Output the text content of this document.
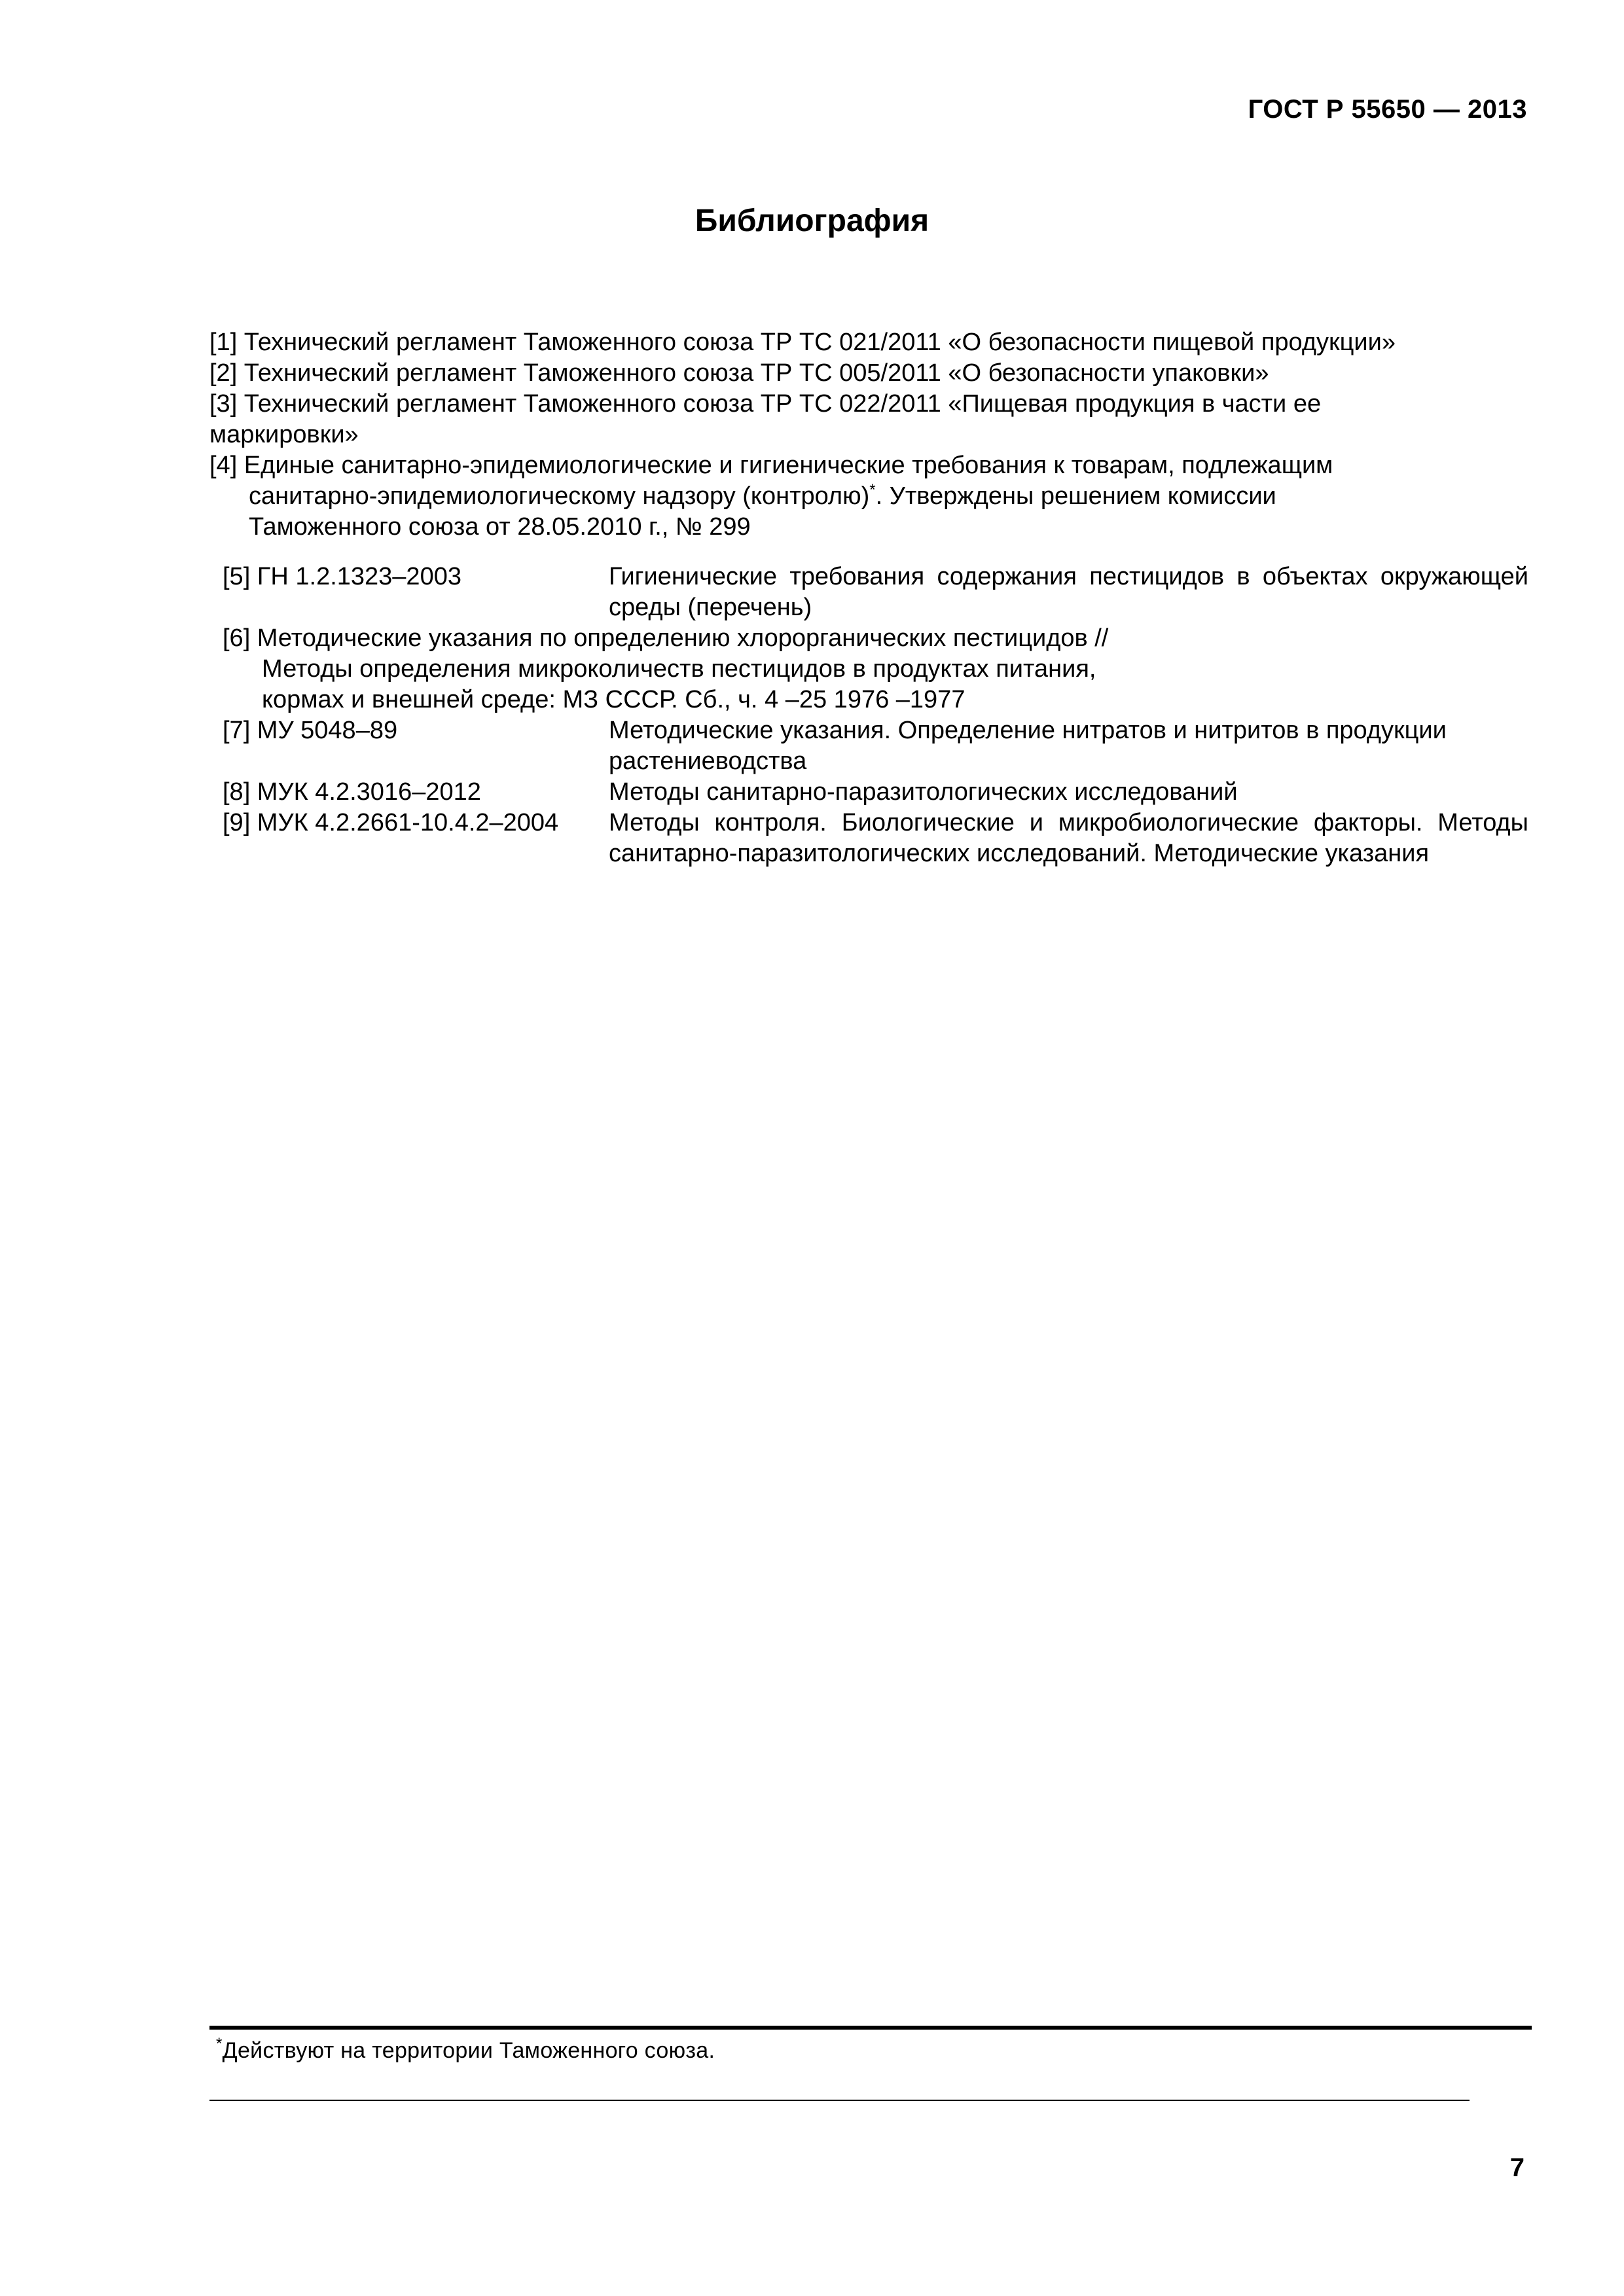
ГОСТ Р 55650 — 2013
Библиография
[1] Технический регламент Таможенного союза ТР ТС 021/2011 «О безопасности пищевой продукции»
[2] Технический регламент Таможенного союза ТР ТС 005/2011 «О безопасности упаковки»
[3] Технический регламент Таможенного союза ТР ТС 022/2011 «Пищевая продукция в части ее
маркировки»
[4] Единые санитарно-эпидемиологические и гигиенические требования к товарам, подлежащим
санитарно-эпидемиологическому надзору (контролю)*. Утверждены решением комиссии
Таможенного союза от 28.05.2010 г., № 299
[5] ГН 1.2.1323–2003	Гигиенические требования содержания пестицидов в объектах окружающей среды (перечень)

[6] Методические указания по определению хлорорганических пестицидов //
Методы определения микроколичеств пестицидов в продуктах питания,
кормах и внешней среде: МЗ СССР. Сб., ч. 4 –25 1976 –1977	

[7] МУ 5048–89	Методические указания. Определение нитратов и нитритов в продукции растениеводства
[8] МУК 4.2.3016–2012	Методы санитарно-паразитологических исследований
[9] МУК 4.2.2661-10.4.2–2004	Методы контроля. Биологические и микробиологические факторы. Методы санитарно-паразитологических исследований. Методические указания
*Действуют на территории Таможенного союза.
7
